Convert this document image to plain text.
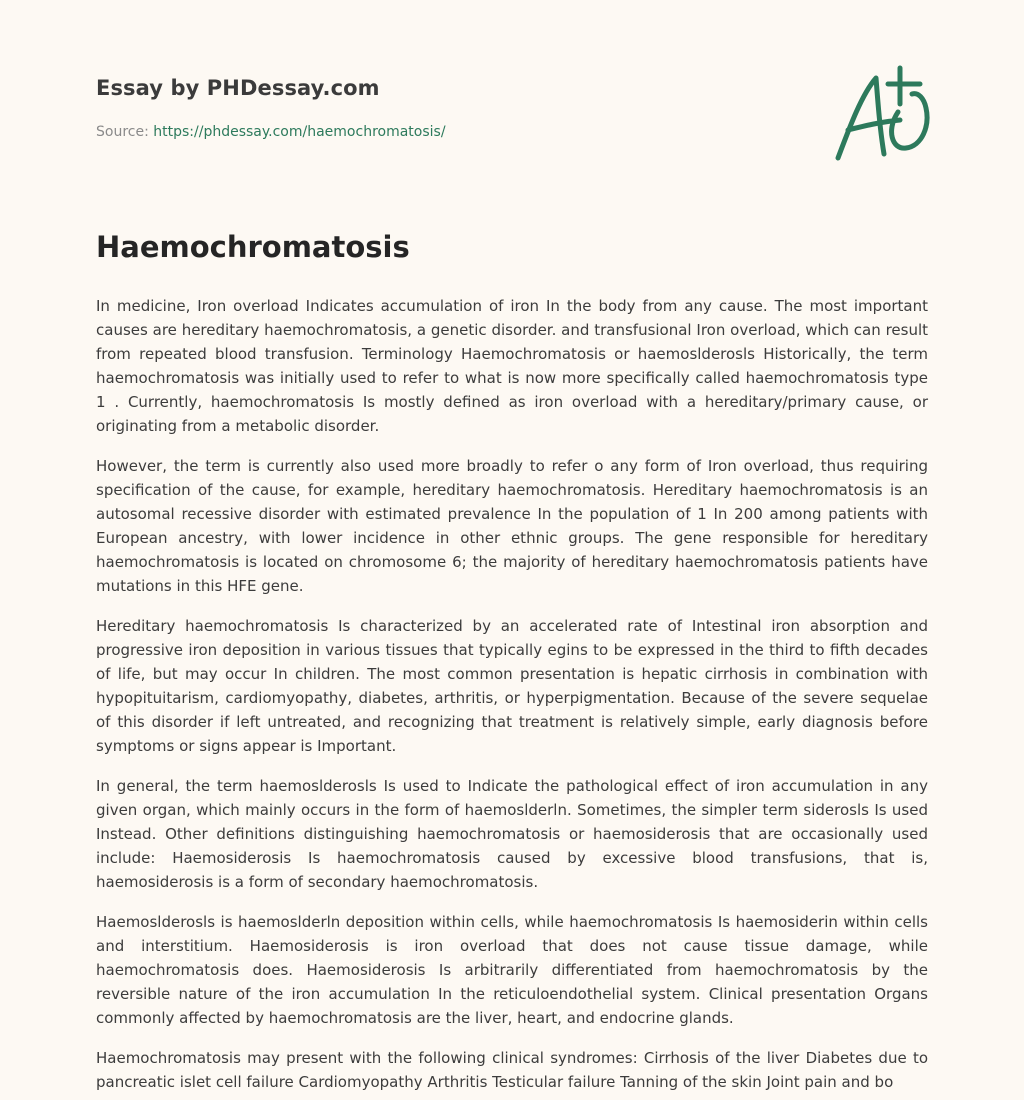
Essay by PHDessay.com
Source: https://phdessay.com/haemochromatosis/
Haemochromatosis

In medicine, Iron overload Indicates accumulation of iron In the body from any cause. The most important causes are hereditary haemochromatosis, a genetic disorder. and transfusional Iron overload, which can result from repeated blood transfusion. Terminology Haemochromatosis or haemoslderosls Historically, the term haemochromatosis was initially used to refer to what is now more specifically called haemochromatosis type 1 . Currently, haemochromatosis Is mostly defined as iron overload with a hereditary/primary cause, or originating from a metabolic disorder.

However, the term is currently also used more broadly to refer o any form of Iron overload, thus requiring specification of the cause, for example, hereditary haemochromatosis. Hereditary haemochromatosis is an autosomal recessive disorder with estimated prevalence In the population of 1 In 200 among patients with European ancestry, with lower incidence in other ethnic groups. The gene responsible for hereditary haemochromatosis is located on chromosome 6; the majority of hereditary haemochromatosis patients have mutations in this HFE gene.

Hereditary haemochromatosis Is characterized by an accelerated rate of Intestinal iron absorption and progressive iron deposition in various tissues that typically egins to be expressed in the third to fifth decades of life, but may occur In children. The most common presentation is hepatic cirrhosis in combination with hypopituitarism, cardiomyopathy, diabetes, arthritis, or hyperpigmentation. Because of the severe sequelae of this disorder if left untreated, and recognizing that treatment is relatively simple, early diagnosis before symptoms or signs appear is Important.

In general, the term haemoslderosls Is used to Indicate the pathological effect of iron accumulation in any given organ, which mainly occurs in the form of haemoslderln. Sometimes, the simpler term siderosls Is used Instead. Other definitions distinguishing haemochromatosis or haemosiderosis that are occasionally used include: Haemosiderosis Is haemochromatosis caused by excessive blood transfusions, that is, haemosiderosis is a form of secondary haemochromatosis.

Haemoslderosls is haemoslderln deposition within cells, while haemochromatosis Is haemosiderin within cells and interstitium. Haemosiderosis is iron overload that does not cause tissue damage, while haemochromatosis does. Haemosiderosis Is arbitrarily differentiated from haemochromatosis by the reversible nature of the iron accumulation In the reticuloendothelial system. Clinical presentation Organs commonly affected by haemochromatosis are the liver, heart, and endocrine glands.

Haemochromatosis may present with the following clinical syndromes: Cirrhosis of the liver Diabetes due to pancreatic islet cell failure Cardiomyopathy Arthritis Testicular failure Tanning of the skin Joint pain and bo
